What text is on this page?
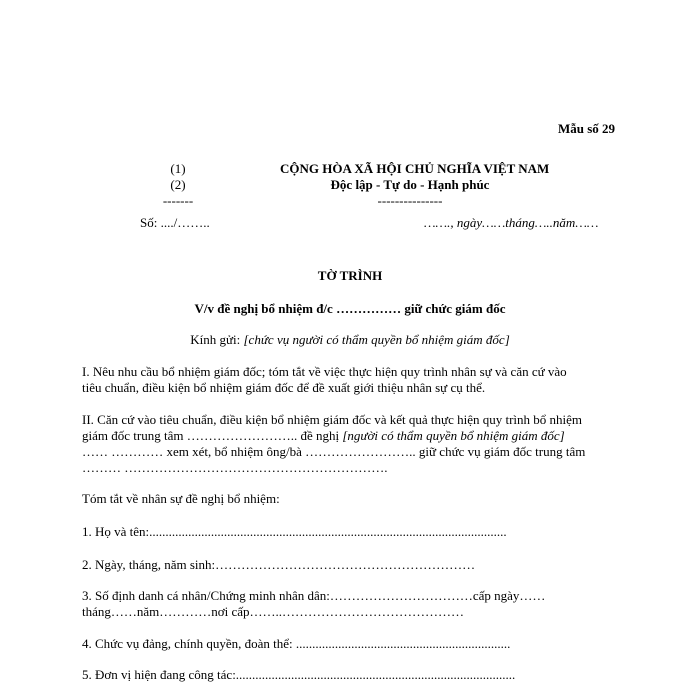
Mẫu số 29
(1)
(2)
-------
CỘNG HÒA XÃ HỘI CHỦ NGHĨA VIỆT NAM
Độc lập - Tự do - Hạnh phúc
---------------
Số: ..../……..	……., ngày……tháng…..năm……
TỜ TRÌNH
V/v đề nghị bổ nhiệm đ/c …………… giữ chức giám đốc
Kính gửi: [chức vụ người có thẩm quyền bổ nhiệm giám đốc]
I. Nêu nhu cầu bổ nhiệm giám đốc; tóm tắt về việc thực hiện quy trình nhân sự và căn cứ vào
tiêu chuẩn, điều kiện bổ nhiệm giám đốc để đề xuất giới thiệu nhân sự cụ thể.
II. Căn cứ vào tiêu chuẩn, điều kiện bổ nhiệm giám đốc và kết quả thực hiện quy trình bổ nhiệm
giám đốc trung tâm …………………….. đề nghị [người có thẩm quyền bổ nhiệm giám đốc]
…… ………… xem xét, bổ nhiệm ông/bà …………………….. giữ chức vụ giám đốc trung tâm
……… …………………………………………………….
Tóm tắt về nhân sự đề nghị bổ nhiệm:
1. Họ và tên:..............................................................................................................
2. Ngày, tháng, năm sinh:……………………………………………………
3. Số định danh cá nhân/Chứng minh nhân dân:……………………………cấp ngày……
tháng……năm…………nơi cấp……..……………………………………
4. Chức vụ đảng, chính quyền, đoàn thể: ..................................................................
5. Đơn vị hiện đang công tác:......................................................................................
